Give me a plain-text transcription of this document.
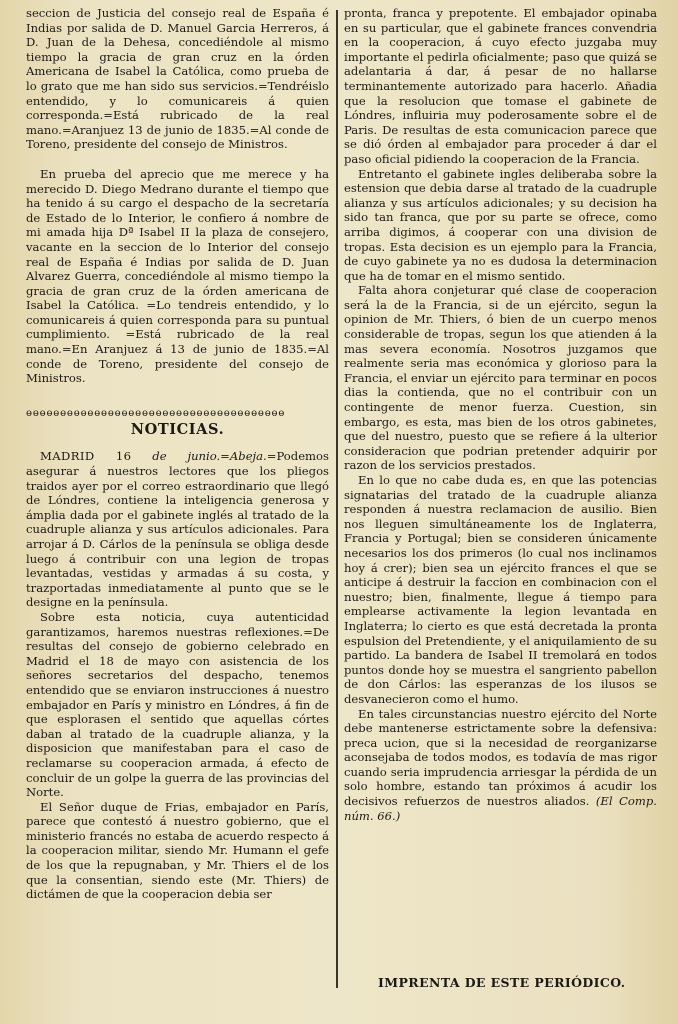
seccion de Justicia del consejo real de España é Indias por salida de D. Manuel Garcia Herreros, á D. Juan de la Dehesa, concediéndole al mismo tiempo la gracia de gran cruz en la órden Americana de Isabel la Católica, como prueba de lo grato que me han sido sus servicios.=Tendréislo entendido, y lo comunicareis á quien corresponda.=Está rubricado de la real mano.=Aranjuez 13 de junio de 1835.=Al conde de Toreno, presidente del consejo de Ministros.

En prueba del aprecio que me merece y ha merecido D. Diego Medrano durante el tiempo que ha tenido á su cargo el despacho de la secretaría de Estado de lo Interior, le confiero á nombre de mi amada hija Dª Isabel II la plaza de consejero, vacante en la seccion de lo Interior del consejo real de España é Indias por salida de D. Juan Alvarez Guerra, concediéndole al mismo tiempo la gracia de gran cruz de la órden americana de Isabel la Católica. =Lo tendreis entendido, y lo comunicareis á quien corresponda para su puntual cumplimiento. =Está rubricado de la real mano.=En Aranjuez á 13 de junio de 1835.=Al conde de Toreno, presidente del consejo de Ministros.

ɵɵɵɵɵɵɵɵɵɵɵɵɵɵɵɵɵɵɵɵɵɵɵɵɵɵɵɵɵɵɵɵɵɵɵɵɵɵ
NOTICIAS.

MADRID 16 de junio.=Abeja.=Podemos asegurar á nuestros lectores que los pliegos traidos ayer por el correo estraordinario que llegó de Lóndres, contiene la inteligencia generosa y ámplia dada por el gabinete inglés al tratado de la cuadruple alianza y sus artículos adicionales. Para arrojar á D. Cárlos de la península se obliga desde luego á contribuir con una legion de tropas levantadas, vestidas y armadas á su costa, y trazportadas inmediatamente al punto que se le designe en la península.

Sobre esta noticia, cuya autenticidad garantizamos, haremos nuestras reflexiones.=De resultas del consejo de gobierno celebrado en Madrid el 18 de mayo con asistencia de los señores secretarios del despacho, tenemos entendido que se enviaron instrucciones á nuestro embajador en París y ministro en Lóndres, á fin de que esplorasen el sentido que aquellas córtes daban al tratado de la cuadruple alianza, y la disposicion que manifestaban para el caso de reclamarse su cooperacion armada, á efecto de concluir de un golpe la guerra de las provincias del Norte.

El Señor duque de Frias, embajador en París, parece que contestó á nuestro gobierno, que el ministerio francés no estaba de acuerdo respecto á la cooperacion militar, siendo Mr. Humann el gefe de los que la repugnaban, y Mr. Thiers el de los que la consentian, siendo este (Mr. Thiers) de dictámen de que la cooperacion debia ser

pronta, franca y prepotente. El embajador opinaba en su particular, que el gabinete frances convendria en la cooperacion, á cuyo efecto juzgaba muy importante el pedirla oficialmente; paso que quizá se adelantaria á dar, á pesar de no hallarse terminantemente autorizado para hacerlo. Añadia que la resolucion que tomase el gabinete de Lóndres, influiria muy poderosamente sobre el de Paris. De resultas de esta comunicacion parece que se dió órden al embajador para proceder á dar el paso oficial pidiendo la cooperacion de la Francia.

Entretanto el gabinete ingles deliberaba sobre la estension que debia darse al tratado de la cuadruple alianza y sus artículos adicionales; y su decision ha sido tan franca, que por su parte se ofrece, como arriba digimos, á cooperar con una division de tropas. Esta decision es un ejemplo para la Francia, de cuyo gabinete ya no es dudosa la determinacion que ha de tomar en el mismo sentido.

Falta ahora conjeturar qué clase de cooperacion será la de la Francia, si de un ejército, segun la opinion de Mr. Thiers, ó bien de un cuerpo menos considerable de tropas, segun los que atienden á la mas severa economía. Nosotros juzgamos que realmente seria mas económica y glorioso para la Francia, el enviar un ejército para terminar en pocos dias la contienda, que no el contribuir con un contingente de menor fuerza. Cuestion, sin embargo, es esta, mas bien de los otros gabinetes, que del nuestro, puesto que se refiere á la ulterior consideracion que podrian pretender adquirir por razon de los servicios prestados.

En lo que no cabe duda es, en que las potencias signatarias del tratado de la cuadruple alianza responden á nuestra reclamacion de ausilio. Bien nos lleguen simultáneamente los de Inglaterra, Francia y Portugal; bien se consideren únicamente necesarios los dos primeros (lo cual nos inclinamos hoy á crer); bien sea un ejército frances el que se anticipe á destruir la faccion en combinacion con el nuestro; bien, finalmente, llegue á tiempo para emplearse activamente la legion levantada en Inglaterra; lo cierto es que está decretada la pronta espulsion del Pretendiente, y el aniquilamiento de su partido. La bandera de Isabel II tremolará en todos puntos donde hoy se muestra el sangriento pabellon de don Cárlos: las esperanzas de los ilusos se desvanecieron como el humo.

En tales circunstancias nuestro ejército del Norte debe mantenerse estrictamente sobre la defensiva: preca ucion, que si la necesidad de reorganizarse aconsejaba de todos modos, es todavía de mas rigor cuando seria imprudencia arriesgar la pérdida de un solo hombre, estando tan próximos á acudir los decisivos refuerzos de nuestros aliados. (El Comp. núm. 66.)

IMPRENTA DE ESTE PERIÓDICO.
